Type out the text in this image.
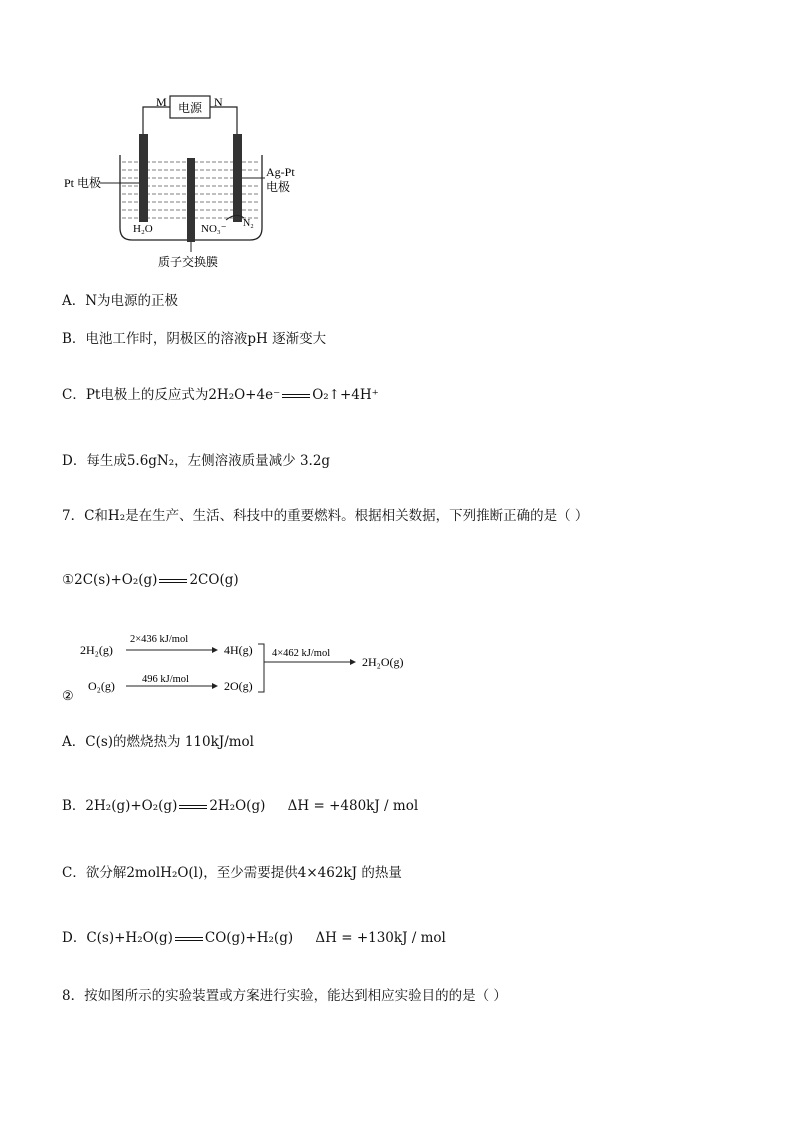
电源
M	N
Pt 电极
Ag-Pt
电极
H₂O	NO₃⁻ N₂
质子交换膜
A．N为电源的正极
B．电池工作时，阴极区的溶液pH 逐渐变大
C．Pt电极上的反应式为2H₂O+4e⁻ O₂↑+4H⁺
D．每生成5.6gN₂，左侧溶液质量减少 3.2g
7．C和H₂是在生产、生活、科技中的重要燃料。根据相关数据，下列推断正确的是（ ）
①2C(s)+O₂(g) 2CO(g)
②
2H₂(g)
2×436 kJ/mol
4H(g)
O₂(g)	496 kJ/mol	2O(g)
4×462 kJ/mol
2H₂O(g)
A．C(s)的燃烧热为 110kJ/mol
B．2H₂(g)+O₂(g) 2H₂O(g) ΔH = +480kJ / mol
C．欲分解2molH₂O(l)，至少需要提供4×462kJ 的热量
D．C(s)+H₂O(g) CO(g)+H₂(g) ΔH = +130kJ / mol
8．按如图所示的实验装置或方案进行实验，能达到相应实验目的的是（ ）
